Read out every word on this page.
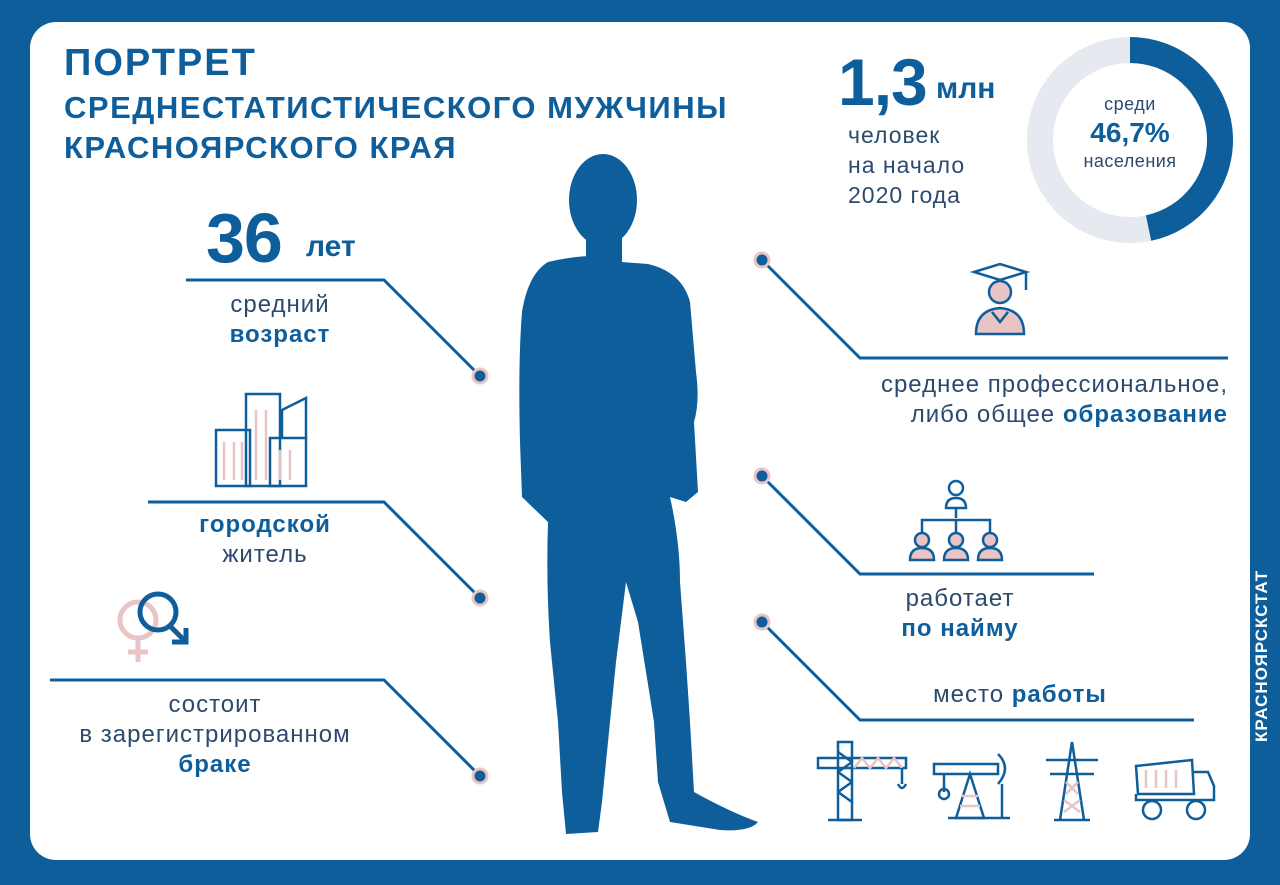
ПОРТРЕТ
СРЕДНЕСТАТИСТИЧЕСКОГО МУЖЧИНЫ
КРАСНОЯРСКОГО КРАЯ
1,3 млн
человек
на начало
2020 года
среди
46,7%
населения
36 лет
средний
возраст
городской
житель
состоит
в зарегистрированном
браке
среднее профессиональное,
либо общее образование
работает
по найму
место работы	КРАСНОЯРСКСТАТ
